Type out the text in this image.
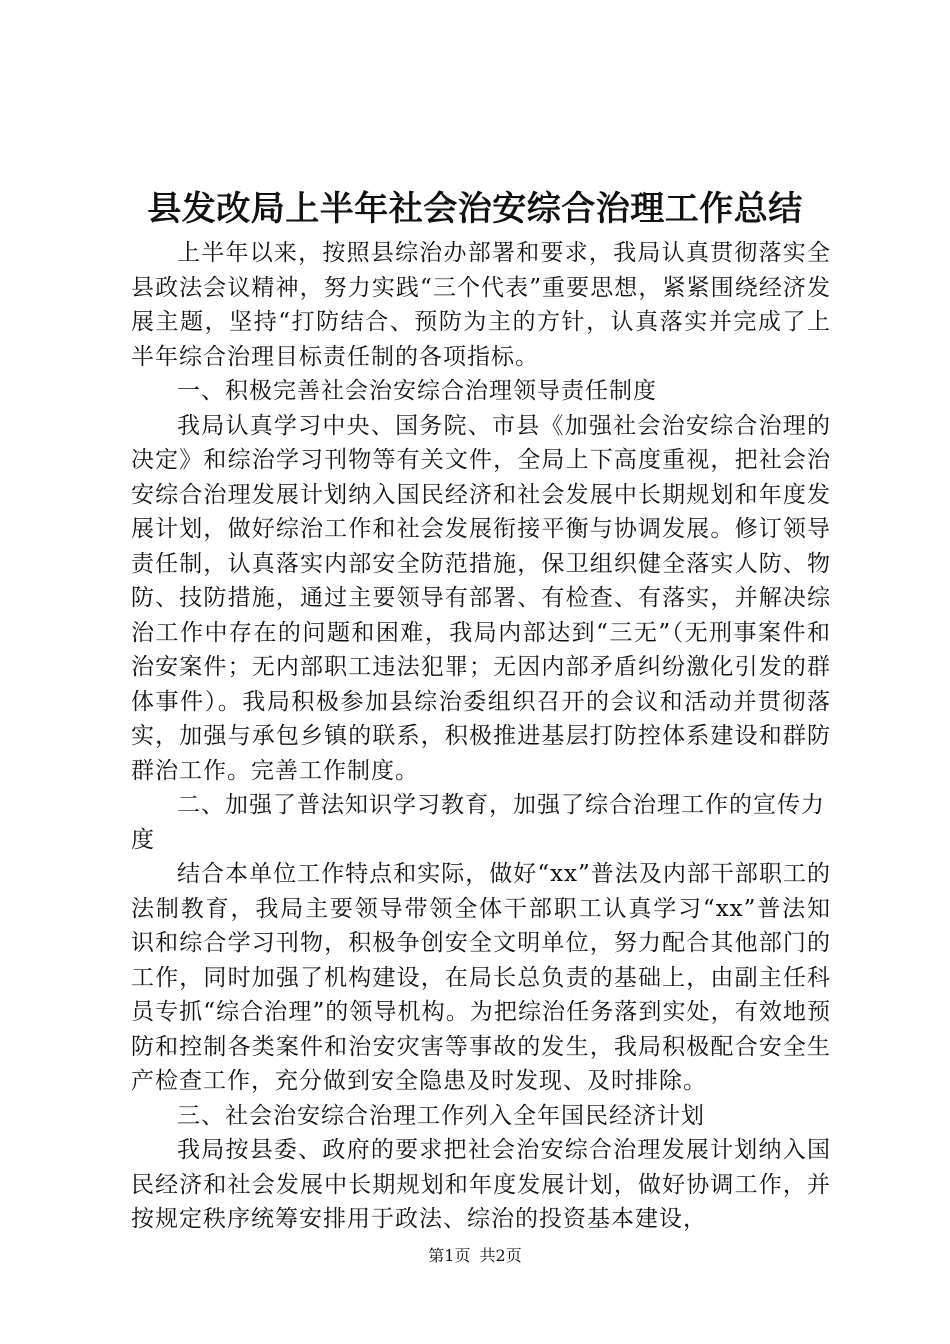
县发改局上半年社会治安综合治理工作总结

上半年以来，按照县综治办部署和要求，我局认真贯彻落实全县政法会议精神，努力实践“三个代表”重要思想，紧紧围绕经济发展主题，坚持“打防结合、预防为主的方针，认真落实并完成了上半年综合治理目标责任制的各项指标。

一、积极完善社会治安综合治理领导责任制度

我局认真学习中央、国务院、市县《加强社会治安综合治理的决定》和综治学习刊物等有关文件，全局上下高度重视，把社会治安综合治理发展计划纳入国民经济和社会发展中长期规划和年度发展计划，做好综治工作和社会发展衔接平衡与协调发展。修订领导责任制，认真落实内部安全防范措施，保卫组织健全落实人防、物防、技防措施，通过主要领导有部署、有检查、有落实，并解决综治工作中存在的问题和困难，我局内部达到“三无”（无刑事案件和治安案件；无内部职工违法犯罪；无因内部矛盾纠纷激化引发的群体事件）。我局积极参加县综治委组织召开的会议和活动并贯彻落实，加强与承包乡镇的联系，积极推进基层打防控体系建设和群防群治工作。完善工作制度。

二、加强了普法知识学习教育，加强了综合治理工作的宣传力度

结合本单位工作特点和实际，做好“xx”普法及内部干部职工的法制教育，我局主要领导带领全体干部职工认真学习“xx”普法知识和综合学习刊物，积极争创安全文明单位，努力配合其他部门的工作，同时加强了机构建设，在局长总负责的基础上，由副主任科员专抓“综合治理”的领导机构。为把综治任务落到实处，有效地预防和控制各类案件和治安灾害等事故的发生，我局积极配合安全生产检查工作，充分做到安全隐患及时发现、及时排除。

三、社会治安综合治理工作列入全年国民经济计划

我局按县委、政府的要求把社会治安综合治理发展计划纳入国民经济和社会发展中长期规划和年度发展计划，做好协调工作，并按规定秩序统筹安排用于政法、综治的投资基本建设，

第1页 共2页
